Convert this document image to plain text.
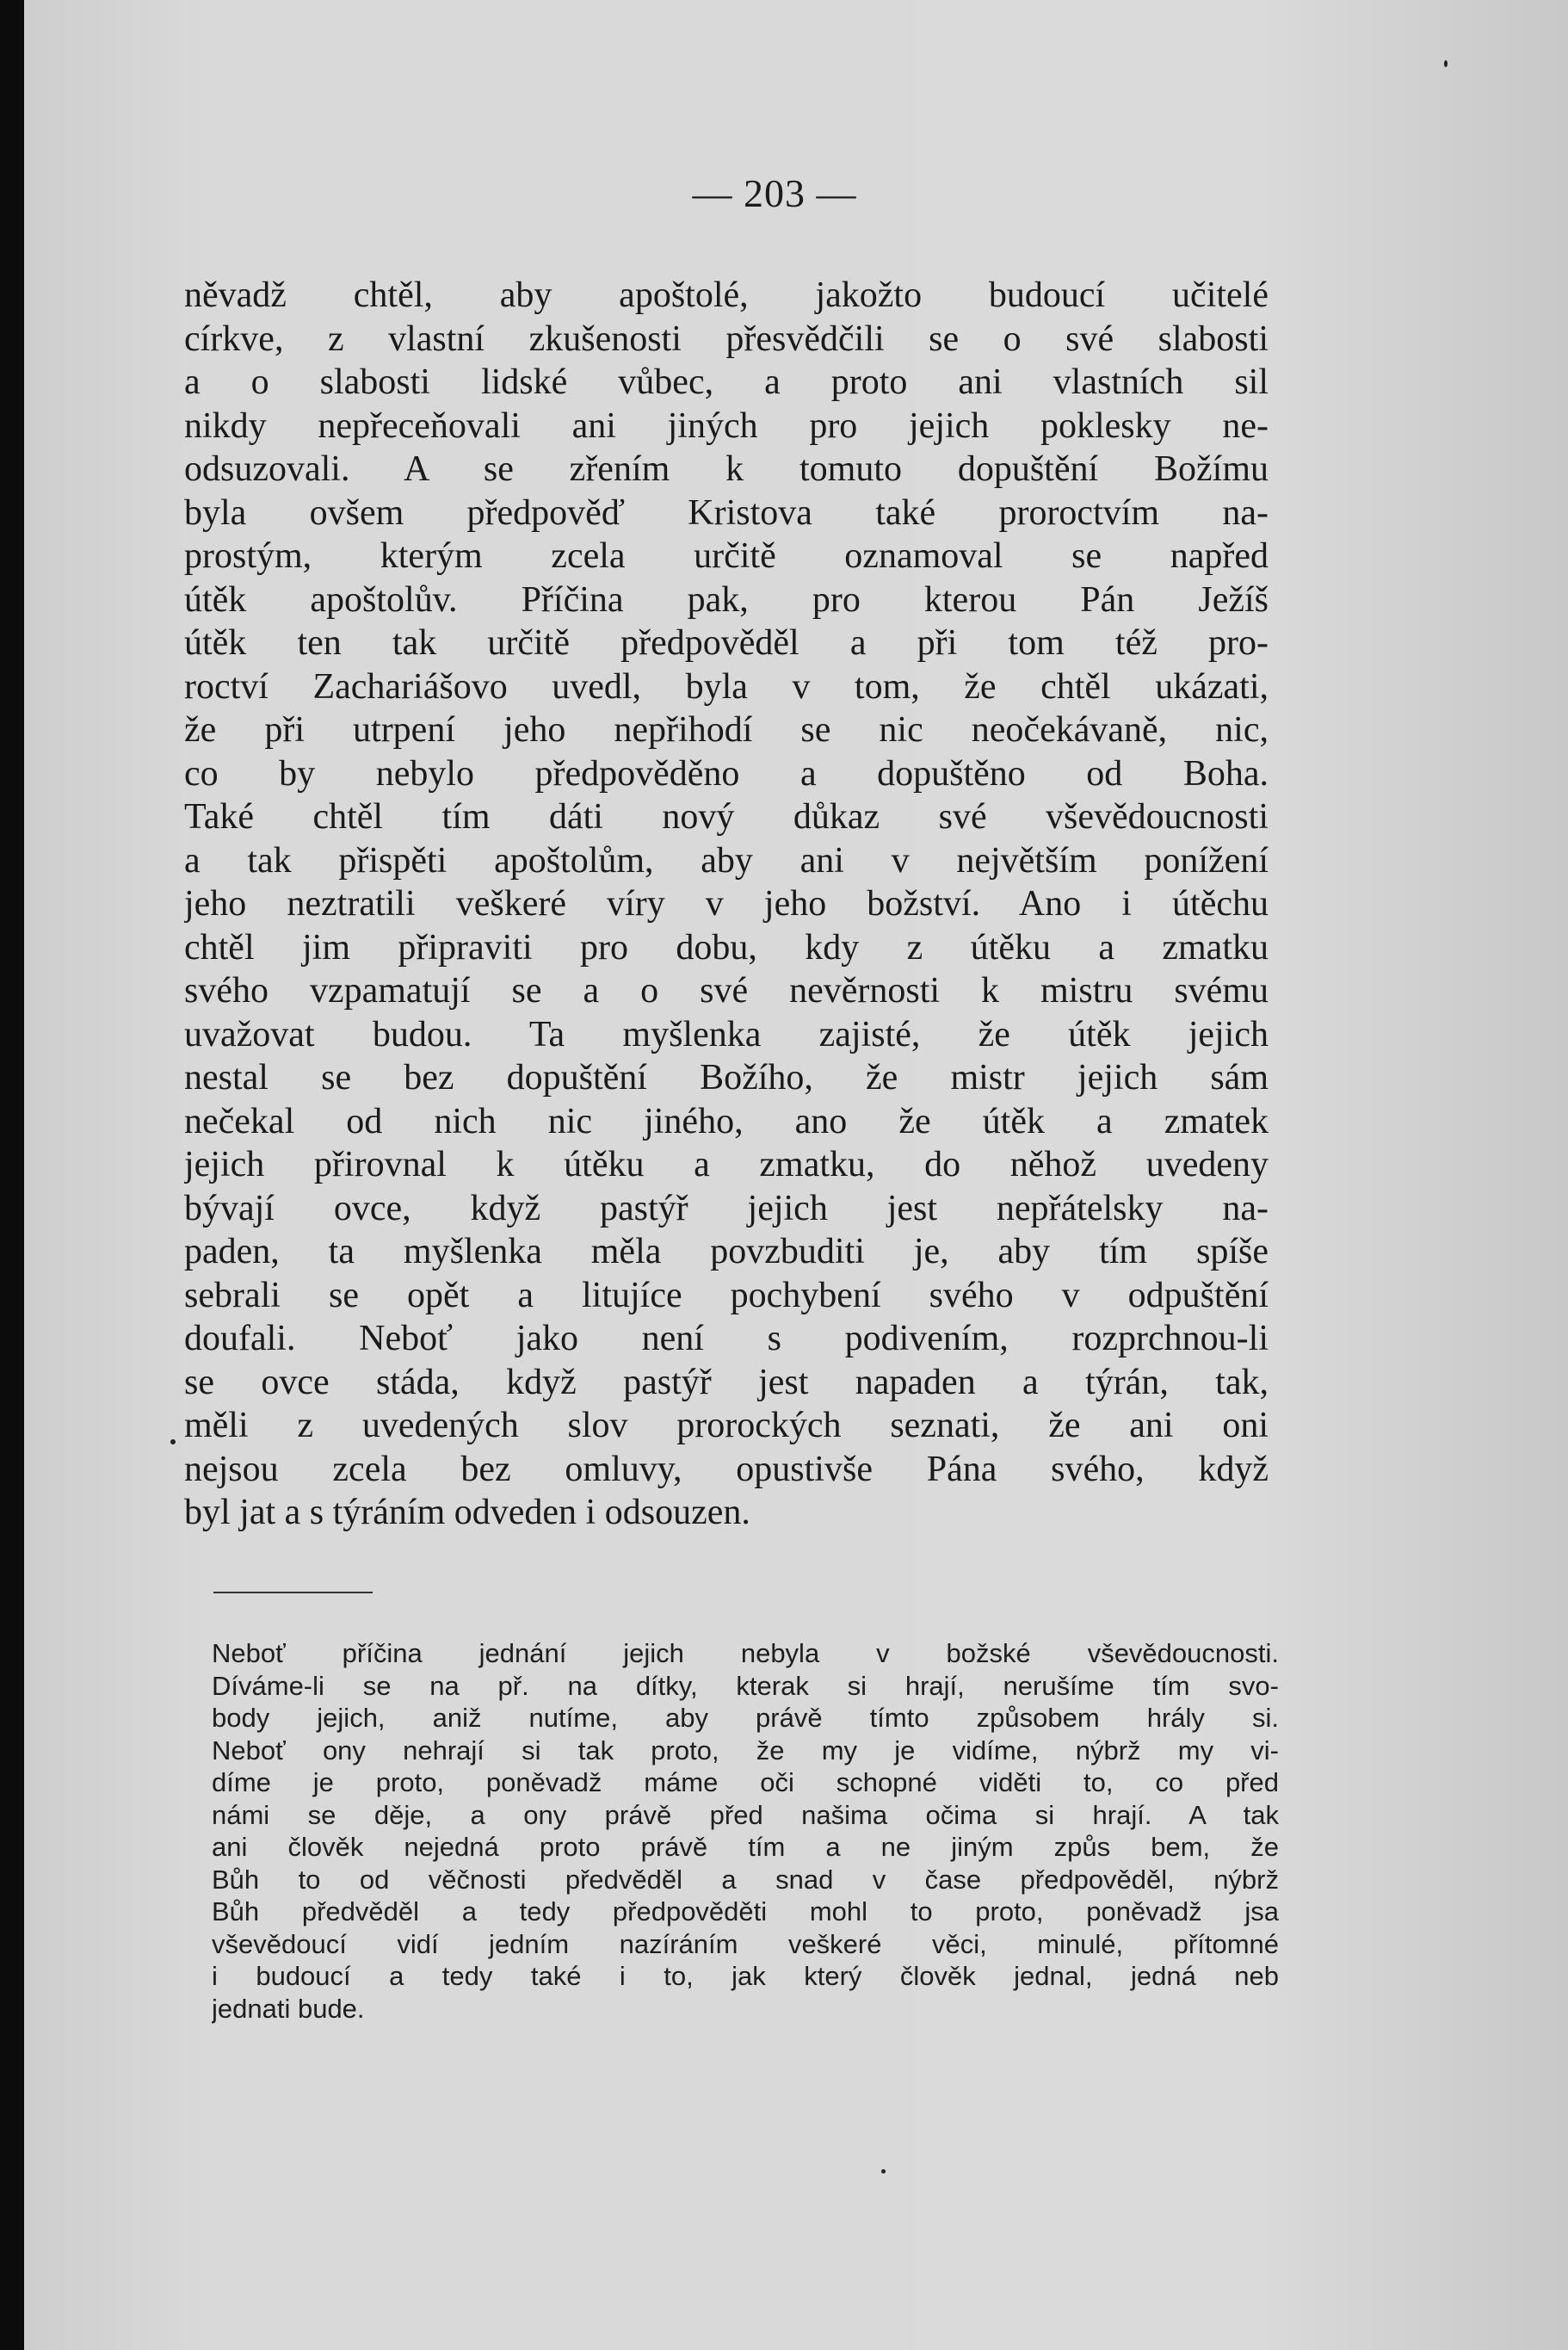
— 203 —
něvadž chtěl, aby apoštolé, jakožto budoucí učitelé
církve, z vlastní zkušenosti přesvědčili se o své slabosti
a o slabosti lidské vůbec, a proto ani vlastních sil
nikdy nepřeceňovali ani jiných pro jejich poklesky ne-
odsuzovali. A se zřením k tomuto dopuštění Božímu
byla ovšem předpověď Kristova také proroctvím na-
prostým, kterým zcela určitě oznamoval se napřed
útěk apoštolův. Příčina pak, pro kterou Pán Ježíš
útěk ten tak určitě předpověděl a při tom též pro-
roctví Zachariášovo uvedl, byla v tom, že chtěl ukázati,
že při utrpení jeho nepřihodí se nic neočekávaně, nic,
co by nebylo předpověděno a dopuštěno od Boha.
Také chtěl tím dáti nový důkaz své vševědoucnosti
a tak přispěti apoštolům, aby ani v největším ponížení
jeho neztratili veškeré víry v jeho božství. Ano i útěchu
chtěl jim připraviti pro dobu, kdy z útěku a zmatku
svého vzpamatují se a o své nevěrnosti k mistru svému
uvažovat budou. Ta myšlenka zajisté, že útěk jejich
nestal se bez dopuštění Božího, že mistr jejich sám
nečekal od nich nic jiného, ano že útěk a zmatek
jejich přirovnal k útěku a zmatku, do něhož uvedeny
bývají ovce, když pastýř jejich jest nepřátelsky na-
paden, ta myšlenka měla povzbuditi je, aby tím spíše
sebrali se opět a litujíce pochybení svého v odpuštění
doufali. Neboť jako není s podivením, rozprchnou-li
se ovce stáda, když pastýř jest napaden a týrán, tak,
měli z uvedených slov prorockých seznati, že ani oni
nejsou zcela bez omluvy, opustivše Pána svého, když
byl jat a s týráním odveden i odsouzen.
Neboť příčina jednání jejich nebyla v božské vševědoucnosti.
Díváme-li se na př. na dítky, kterak si hrají, nerušíme tím svo-
body jejich, aniž nutíme, aby právě tímto způsobem hrály si.
Neboť ony nehrají si tak proto, že my je vidíme, nýbrž my vi-
díme je proto, poněvadž máme oči schopné viděti to, co před
námi se děje, a ony právě před našima očima si hrají. A tak
ani člověk nejedná proto právě tím a ne jiným způs bem, že
Bůh to od věčnosti předvěděl a snad v čase předpověděl, nýbrž
Bůh předvěděl a tedy předpověděti mohl to proto, poněvadž jsa
vševědoucí vidí jedním nazíráním veškeré věci, minulé, přítomné
i budoucí a tedy také i to, jak který člověk jednal, jedná neb
jednati bude.
